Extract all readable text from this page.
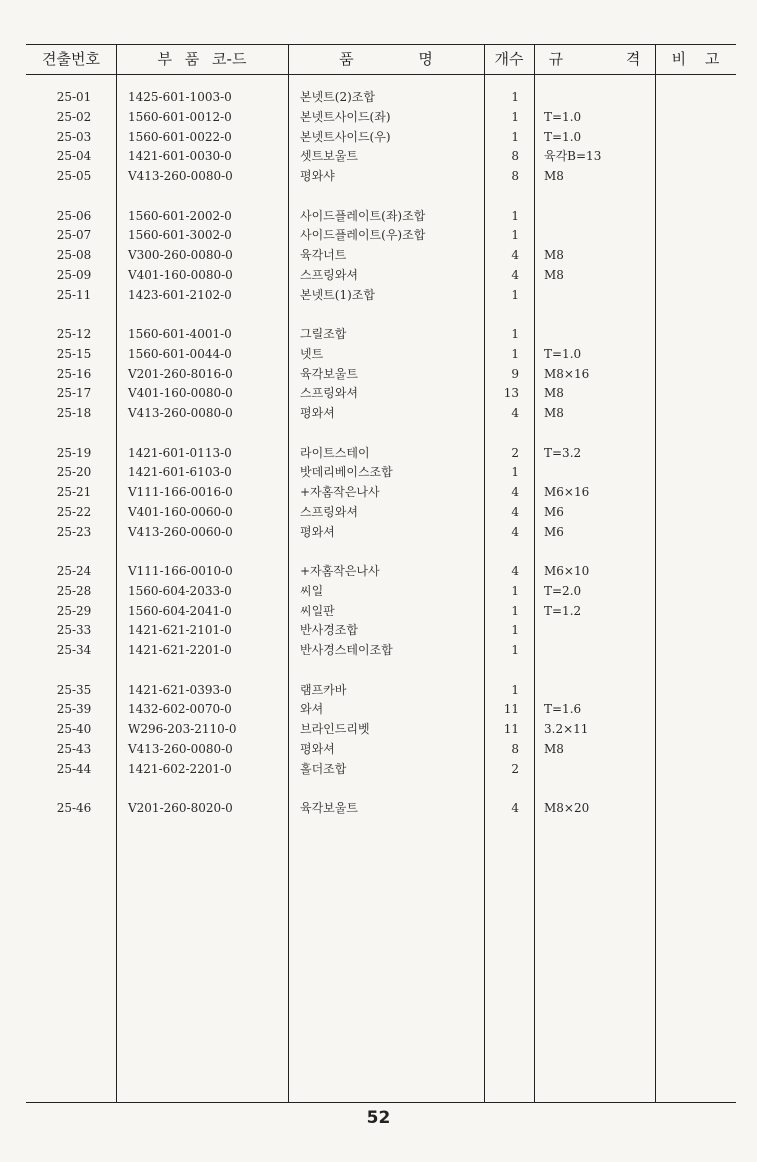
견출번호	부 품 코-드	품 명	개수	규 격	비 고
25-01	1425-601-1003-0	본넷트(2)조합	1
25-02	1560-601-0012-0	본넷트사이드(좌)	1 T=1.0
25-03	1560-601-0022-0	본넷트사이드(우)	1 T=1.0
25-04	1421-601-0030-0	셋트보울트	8 육각B=13
25-05	V413-260-0080-0	평와샤	8 M8
25-06	1560-601-2002-0	사이드플레이트(좌)조합	1
25-07	1560-601-3002-0	사이드플레이트(우)조합	1
25-08	V300-260-0080-0	육각너트	4 M8
25-09	V401-160-0080-0	스프링와셔	4 M8
25-11	1423-601-2102-0	본넷트(1)조합	1
25-12	1560-601-4001-0	그릴조합	1
25-15	1560-601-0044-0	넷트	1 T=1.0
25-16	V201-260-8016-0	육각보울트	9 M8×16
25-17	V401-160-0080-0	스프링와셔	13 M8
25-18	V413-260-0080-0	평와셔	4 M8
25-19	1421-601-0113-0	라이트스테이	2 T=3.2
25-20	1421-601-6103-0	밧데리베이스조합	1
25-21	V111-166-0016-0	+자홈작은나사	4 M6×16
25-22	V401-160-0060-0	스프링와셔	4 M6
25-23	V413-260-0060-0	평와셔	4 M6
25-24	V111-166-0010-0	+자홈작은나사	4 M6×10
25-28	1560-604-2033-0	씨일	1 T=2.0
25-29	1560-604-2041-0	씨일판	1 T=1.2
25-33	1421-621-2101-0	반사경조합	1
25-34	1421-621-2201-0	반사경스테이조합	1
25-35	1421-621-0393-0	램프카바	1
25-39	1432-602-0070-0	와셔	11 T=1.6
25-40	W296-203-2110-0	브라인드리벳	11 3.2×11
25-43	V413-260-0080-0	평와셔	8 M8
25-44	1421-602-2201-0	홀더조합	2
25-46	V201-260-8020-0	육각보울트	4 M8×20
52
